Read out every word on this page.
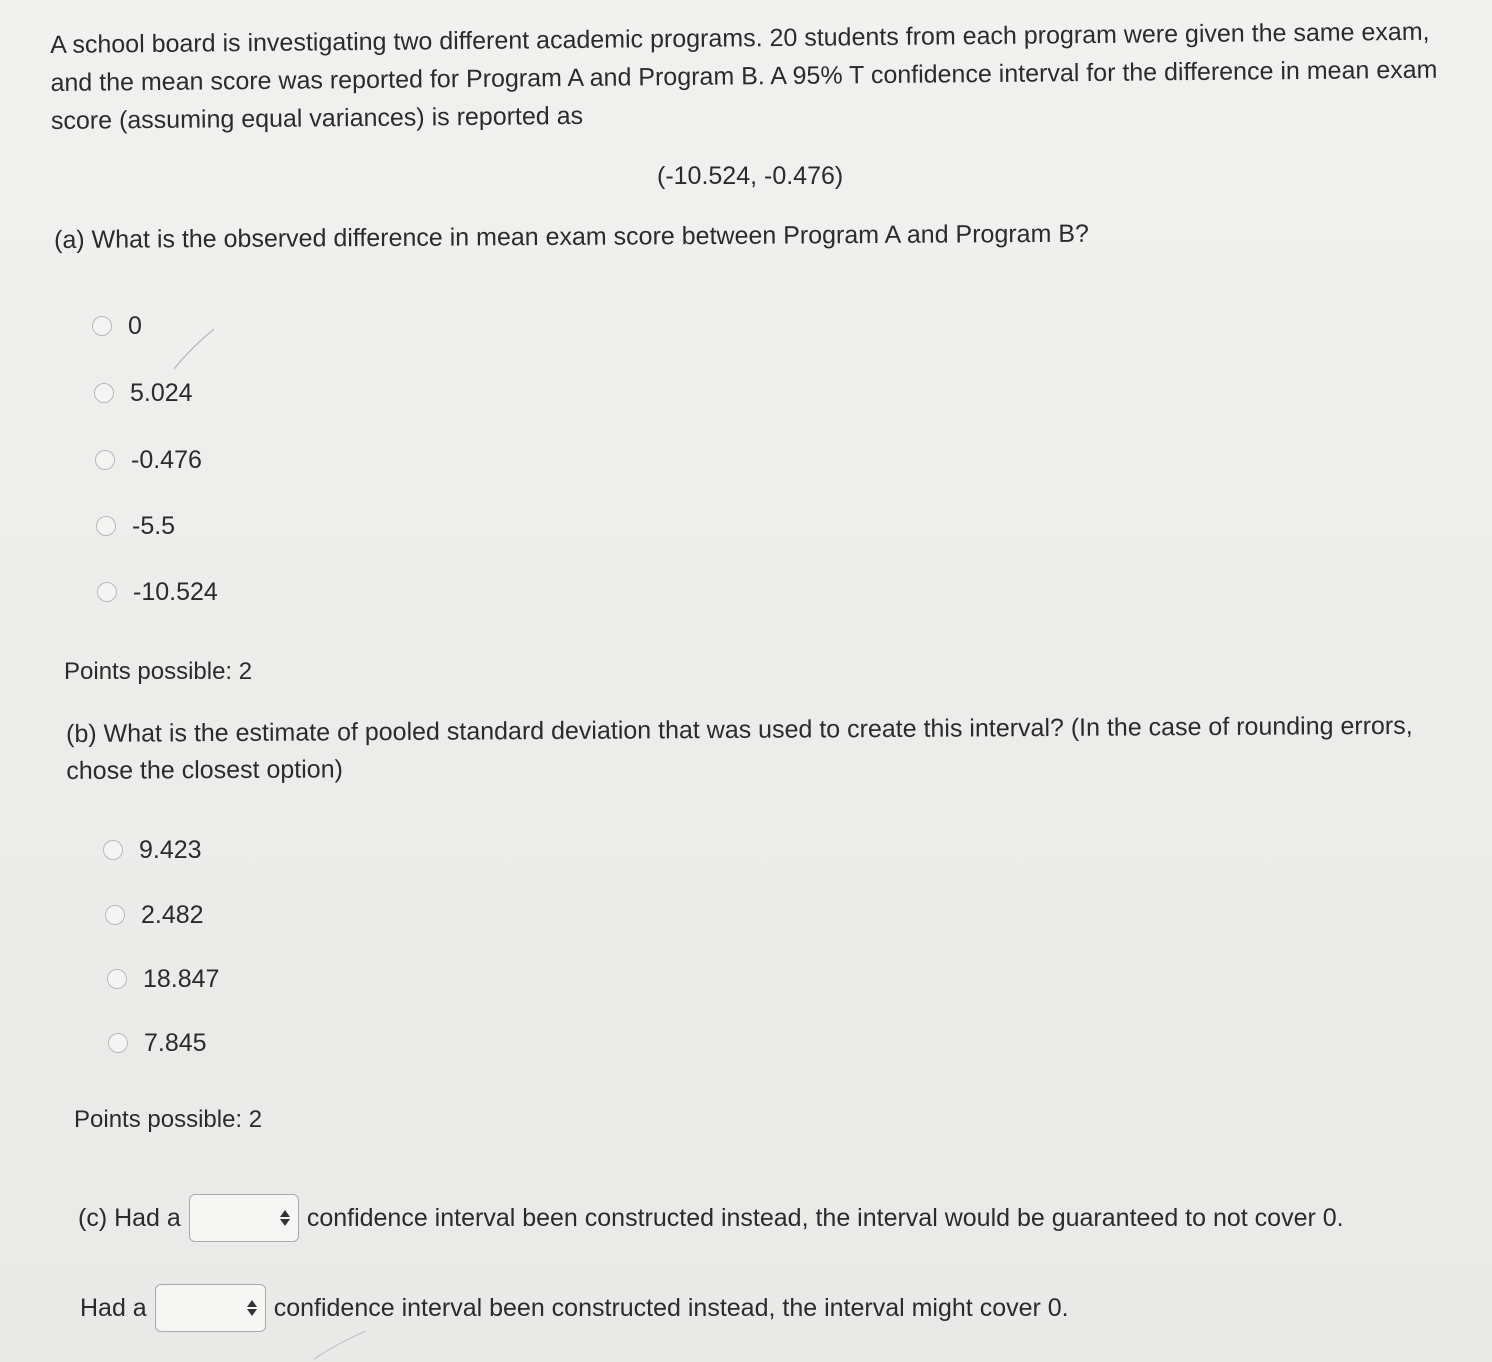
A school board is investigating two different academic programs. 20 students from each program were given the same exam, and the mean score was reported for Program A and Program B. A 95% T confidence interval for the difference in mean exam score (assuming equal variances) is reported as
(-10.524, -0.476)
(a) What is the observed difference in mean exam score between Program A and Program B?
0
5.024
-0.476
-5.5
-10.524
Points possible: 2
(b) What is the estimate of pooled standard deviation that was used to create this interval? (In the case of rounding errors, chose the closest option)
9.423
2.482
18.847
7.845
Points possible: 2
(c) Had a	confidence interval been constructed instead, the interval would be guaranteed to not cover 0.
Had a	confidence interval been constructed instead, the interval might cover 0.
